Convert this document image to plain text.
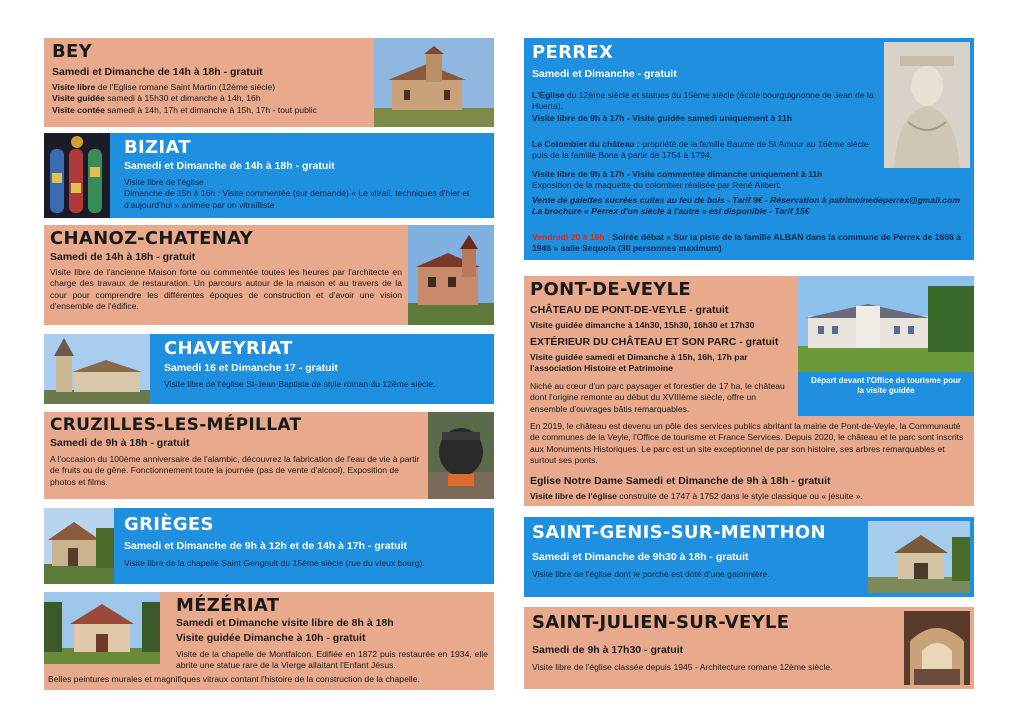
BEY
Samedi et Dimanche de 14h à 18h - gratuit
Visite libre de l'Eglise romane Saint Martin (12ème siècle)
Visite guidée samedi à 15h30 et dimanche à 14h, 16h
Visite contée samedi à 14h, 17h et dimanche à 15h, 17h - tout public
BIZIAT
Samedi et Dimanche de 14h à 18h - gratuit
Visite libre de l'église
Dimanche de 15h à 16h : Visite commentée (sur demande) « Le vitrail, techniques d'hier et d'aujourd'hui » animée par un vitrailliste
CHANOZ-CHATENAY
Samedi de 14h à 18h - gratuit
Visite libre de l'ancienne Maison forte ou commentée toutes les heures par l'architecte en charge des travaux de restauration. Un parcours autour de la maison et au travers de la cour pour comprendre les différentes époques de construction et d'avoir une vision d'ensemble de l'édifice.
CHAVEYRIAT
Samedi 16 et Dimanche 17 - gratuit
Visite libre de l'église St-Jean Baptiste de style roman du 12ème siècle.
CRUZILLES-LES-MÉPILLAT
Samedi de 9h à 18h - gratuit
A l'occasion du 100ème anniversaire de l'alambic, découvrez la fabrication de l'eau de vie à partir de fruits ou de gêne. Fonctionnement toute la journée (pas de vente d'alcool). Exposition de photos et films.
GRIÈGES
Samedi et Dimanche de 9h à 12h et de 14h à 17h - gratuit
Visite libre de la chapelle Saint Gengoult du 15ème siècle (rue du vieux bourg).
MÉZÉRIAT
Samedi et Dimanche visite libre de 8h à 18h
Visite guidée Dimanche à 10h - gratuit
Visite de la chapelle de Montfalcon. Edifiée en 1872 puis restaurée en 1934, elle abrite une statue rare de la Vierge allaitant l'Enfant Jésus.
Belles peintures murales et magnifiques vitraux contant l'histoire de la construction de la chapelle.
PERREX
Samedi et Dimanche - gratuit
L'Eglise du 12ème siècle et statues du 15ème siècle (école bourguignonne de Jean de la Huerta).
Visite libre de 9h à 17h - Visite guidée samedi uniquement à 11h
Le Colombier du château : propriété de la famille Baume de St Amour au 16ème siècle puis de la famille Bona à partir de 1754 à 1794.
Visite libre de 9h à 17h - Visite commentée dimanche uniquement à 11h
Exposition de la maquette du colombier réalisée par René Alibert.
Vente de galettes sucrées cuites au feu de bois - Tarif 9€ - Réservation à patrimoinedeperrex@gmail.com
La brochure « Perrex d'un siècle à l'autre » est disponible - Tarif 15€
Vendredi 20 à 18h : Soirée débat « Sur la piste de la famille ALBAN dans la commune de Perrex de 1666 à 1946 » salle Sequoia (30 personnes maximum)
PONT-DE-VEYLE
CHÂTEAU DE PONT-DE-VEYLE - gratuit
Visite guidée dimanche à 14h30, 15h30, 16h30 et 17h30
EXTÉRIEUR DU CHÂTEAU ET SON PARC - gratuit
Visite guidée samedi et Dimanche à 15h, 16h, 17h par l'association Histoire et Patrimoine
Niché au cœur d'un parc paysager et forestier de 17 ha, le château dont l'origine remonte au début du XVIIIème siècle, offre un ensemble d'ouvrages bâtis remarquables.
En 2019, le château est devenu un pôle des services publics abritant la mairie de Pont-de-Veyle, la Communauté de communes de la Veyle, l'Office de tourisme et France Services. Depuis 2020, le château et le parc sont inscrits aux Monuments Historiques. Le parc est un site exceptionnel de par son histoire, ses arbres remarquables et surtout ses ponts.
Eglise Notre Dame Samedi et Dimanche de 9h à 18h - gratuit
Visite libre de l'église construite de 1747 à 1752 dans le style classique ou « jésuite ».
Départ devant l'Office de tourisme pour la visite guidée
SAINT-GENIS-SUR-MENTHON
Samedi et Dimanche de 9h30 à 18h - gratuit
Visite libre de l'église dont le porche est doté d'une galonnière.
SAINT-JULIEN-SUR-VEYLE
Samedi de 9h à 17h30 - gratuit
Visite libre de l'église classée depuis 1945 - Architecture romane 12ème siècle.
